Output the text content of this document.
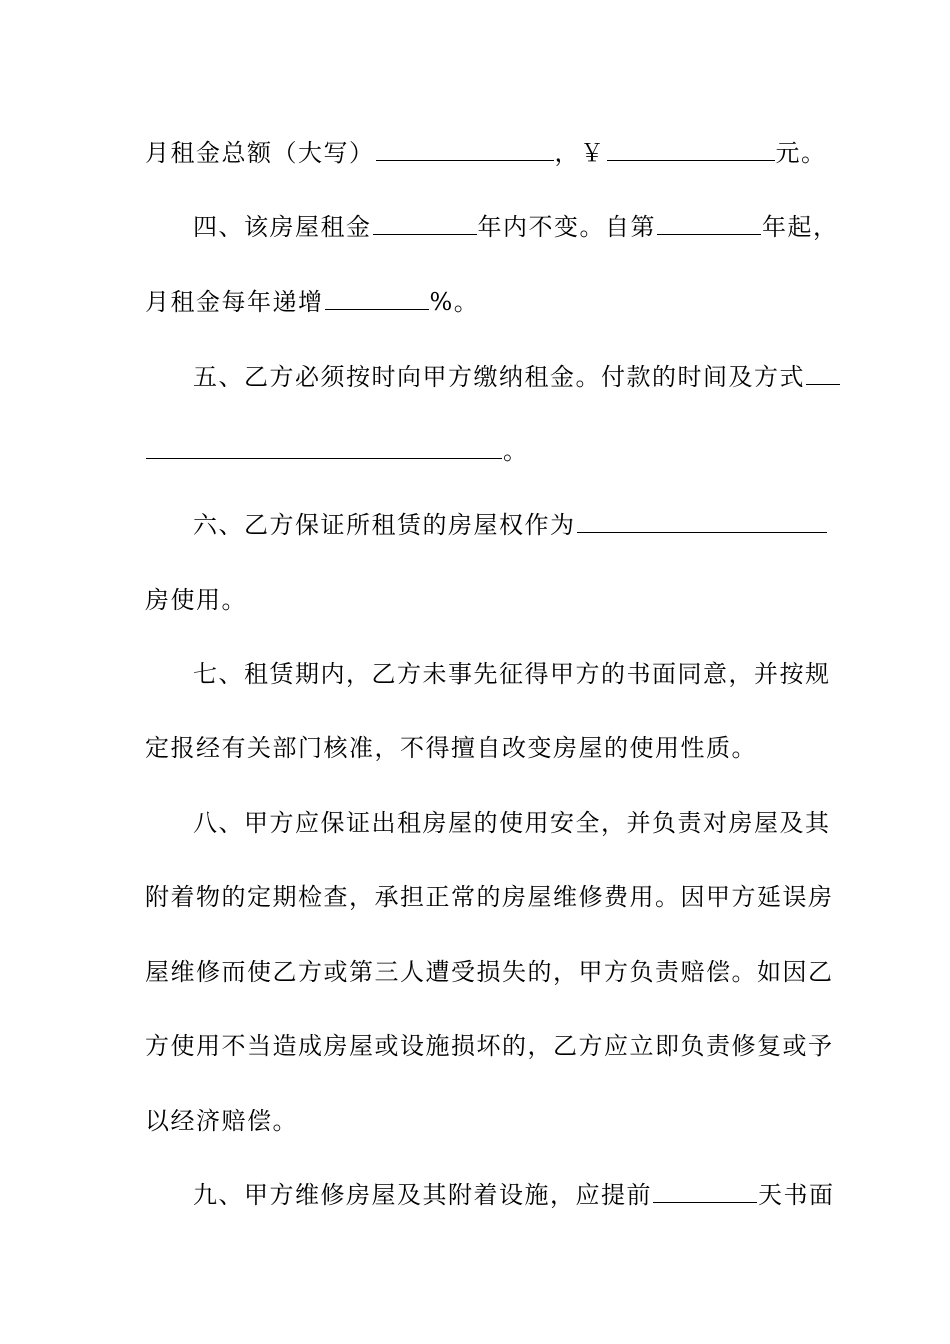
月租金总额（大写）	，￥	元。
四、该房屋租金	年内不变。自第	年起，
月租金每年递增	%。
五、乙方必须按时向甲方缴纳租金。付款的时间及方式
。
六、乙方保证所租赁的房屋权作为
房使用。
七、租赁期内，乙方未事先征得甲方的书面同意，并按规
定报经有关部门核准，不得擅自改变房屋的使用性质。
八、甲方应保证出租房屋的使用安全，并负责对房屋及其
附着物的定期检查，承担正常的房屋维修费用。因甲方延误房
屋维修而使乙方或第三人遭受损失的，甲方负责赔偿。如因乙
方使用不当造成房屋或设施损坏的，乙方应立即负责修复或予
以经济赔偿。
九、甲方维修房屋及其附着设施，应提前	天书面
